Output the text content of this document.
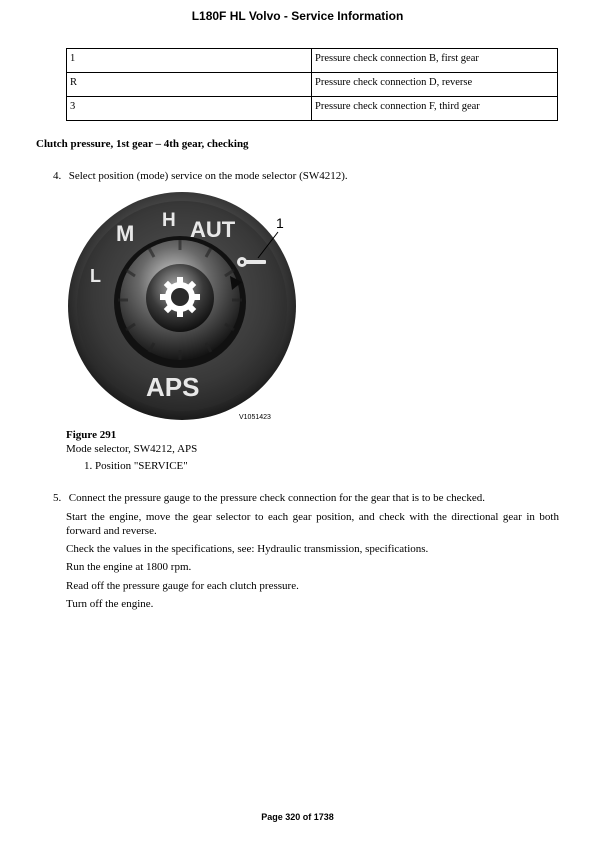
L180F HL Volvo - Service Information
1	Pressure check connection B, first gear
R	Pressure check connection D, reverse
3	Pressure check connection F, third gear
Clutch pressure, 1st gear – 4th gear, checking
4. Select position (mode) service on the mode selector (SW4212).
M
H AUT
L
APS
1
V1051423
Figure 291
Mode selector, SW4212, APS
1. Position "SERVICE"
5. Connect the pressure gauge to the pressure check connection for the gear that is to be checked.
Start the engine, move the gear selector to each gear position, and check with the directional gear in both forward and reverse.
Check the values in the specifications, see: Hydraulic transmission, specifications.
Run the engine at 1800 rpm.
Read off the pressure gauge for each clutch pressure.
Turn off the engine.
Page 320 of 1738
